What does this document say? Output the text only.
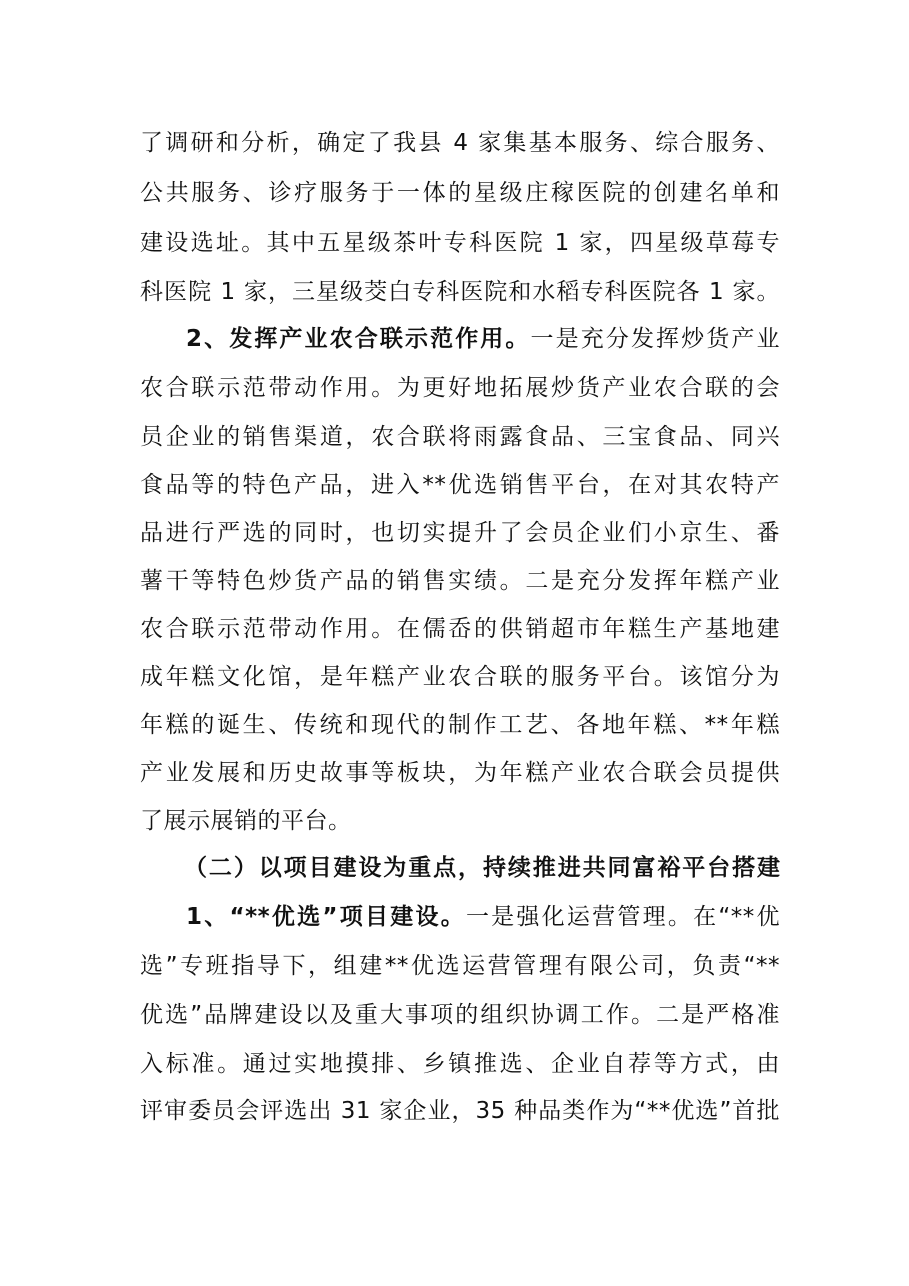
了调研和分析，确定了我县 4 家集基本服务、综合服务、
公共服务、诊疗服务于一体的星级庄稼医院的创建名单和
建设选址。其中五星级茶叶专科医院 1 家，四星级草莓专
科医院 1 家，三星级茭白专科医院和水稻专科医院各 1 家。
2、发挥产业农合联示范作用。一是充分发挥炒货产业
农合联示范带动作用。为更好地拓展炒货产业农合联的会
员企业的销售渠道，农合联将雨露食品、三宝食品、同兴
食品等的特色产品，进入**优选销售平台，在对其农特产
品进行严选的同时，也切实提升了会员企业们小京生、番
薯干等特色炒货产品的销售实绩。二是充分发挥年糕产业
农合联示范带动作用。在儒岙的供销超市年糕生产基地建
成年糕文化馆，是年糕产业农合联的服务平台。该馆分为
年糕的诞生、传统和现代的制作工艺、各地年糕、**年糕
产业发展和历史故事等板块，为年糕产业农合联会员提供
了展示展销的平台。
（二）以项目建设为重点，持续推进共同富裕平台搭建
1、“**优选”项目建设。一是强化运营管理。在“**优
选”专班指导下，组建**优选运营管理有限公司，负责“**
优选”品牌建设以及重大事项的组织协调工作。二是严格准
入标准。通过实地摸排、乡镇推选、企业自荐等方式，由
评审委员会评选出 31 家企业，35 种品类作为“**优选”首批
